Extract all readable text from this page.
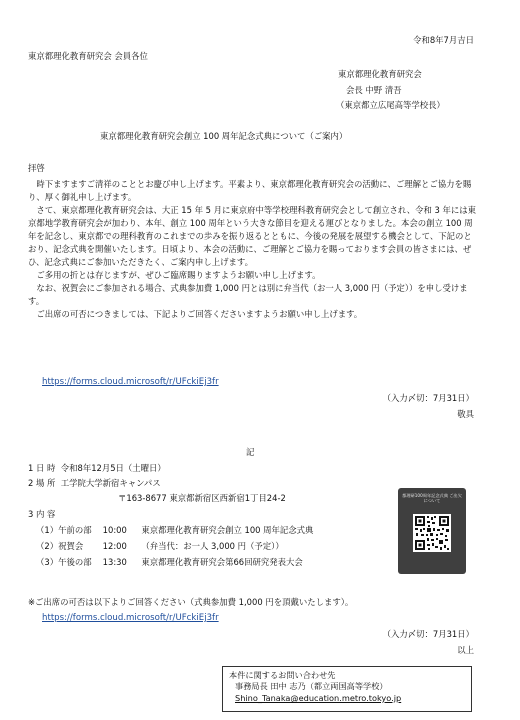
令和8年7月吉日
東京都理化教育研究会 会員各位
東京都理化教育研究会
会長 中野 清吾
（東京都立広尾高等学校長）
東京都理化教育研究会創立 100 周年記念式典について（ご案内）
拝啓

時下ますますご清祥のこととお慶び申し上げます。平素より、東京都理化教育研究会の活動に、ご理解とご協力を賜り、厚く御礼申し上げます。

さて、東京都理化教育研究会は、大正 15 年 5 月に東京府中等学校理科教育研究会として創立され、令和 3 年には東京都地学教育研究会が加わり、本年、創立 100 周年という大きな節目を迎える運びとなりました。本会の創立 100 周年を記念し、東京都での理科教育のこれまでの歩みを振り返るとともに、今後の発展を展望する機会として、下記のとおり、記念式典を開催いたします。日頃より、本会の活動に、ご理解とご協力を賜っております会員の皆さまには、ぜひ、記念式典にご参加いただきたく、ご案内申し上げます。

ご多用の折とは存じますが、ぜひご臨席賜りますようお願い申し上げます。

なお、祝賀会にご参加される場合、式典参加費 1,000 円とは別に弁当代（お一人 3,000 円（予定））を申し受けます。

ご出席の可否につきましては、下記よりご回答くださいますようお願い申し上げます。

https://forms.cloud.microsoft/r/UFckiEj3fr
（入力〆切：7月31日）
敬具
記
1 日 時 令和8年12月5日（土曜日）
2 場 所 工学院大学新宿キャンパス
〒163-8677 東京都新宿区西新宿1丁目24-2
3 内 容
（1）午前の部 10:00 東京都理化教育研究会創立 100 周年記念式典
（2）祝賀会 12:00 （弁当代：お一人 3,000 円（予定））
（3）午後の部 13:30 東京都理化教育研究会第66回研究発表大会
都理研100周年記念式典 ご出欠について
※ご出席の可否は以下よりご回答ください（式典参加費 1,000 円を頂戴いたします）。
https://forms.cloud.microsoft/r/UFckiEj3fr
（入力〆切：7月31日）
以上
本件に関するお問い合わせ先
事務局長 田中 志乃（都立両国高等学校）
Shino_Tanaka@education.metro.tokyo.jp
